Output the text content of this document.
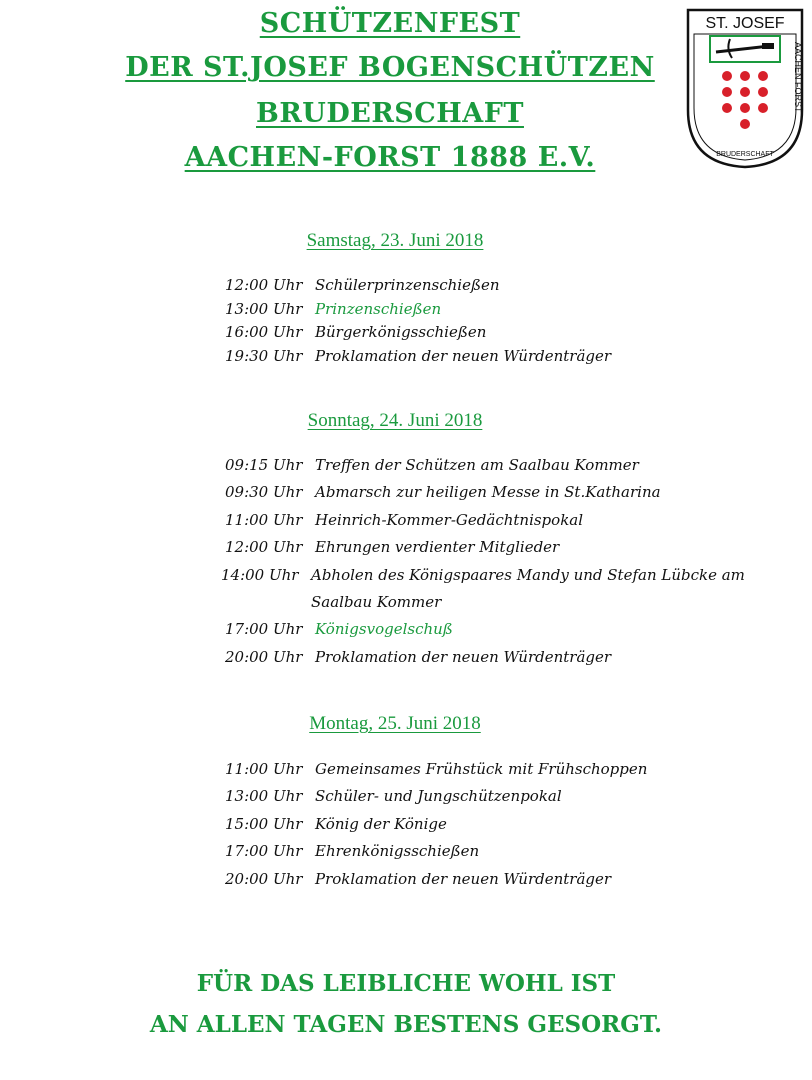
SCHÜTZENFEST
DER ST.JOSEF BOGENSCHÜTZEN
BRUDERSCHAFT
AACHEN-FORST 1888 E.V.
ST. JOSEF
AACHEN FORST
BRUDERSCHAFT
Samstag, 23. Juni 2018
12:00 Uhr Schülerprinzenschießen
13:00 Uhr Prinzenschießen
16:00 Uhr Bürgerkönigsschießen
19:30 Uhr Proklamation der neuen Würdenträger
Sonntag, 24. Juni 2018
09:15 Uhr Treffen der Schützen am Saalbau Kommer
09:30 Uhr Abmarsch zur heiligen Messe in St.Katharina
11:00 Uhr Heinrich-Kommer-Gedächtnispokal
12:00 Uhr Ehrungen verdienter Mitglieder
14:00 Uhr Abholen des Königspaares Mandy und Stefan Lübcke am
Saalbau Kommer
17:00 Uhr Königsvogelschuß
20:00 Uhr Proklamation der neuen Würdenträger
Montag, 25. Juni 2018
11:00 Uhr Gemeinsames Frühstück mit Frühschoppen
13:00 Uhr Schüler- und Jungschützenpokal
15:00 Uhr König der Könige
17:00 Uhr Ehrenkönigsschießen
20:00 Uhr Proklamation der neuen Würdenträger
FÜR DAS LEIBLICHE WOHL IST
AN ALLEN TAGEN BESTENS GESORGT.
